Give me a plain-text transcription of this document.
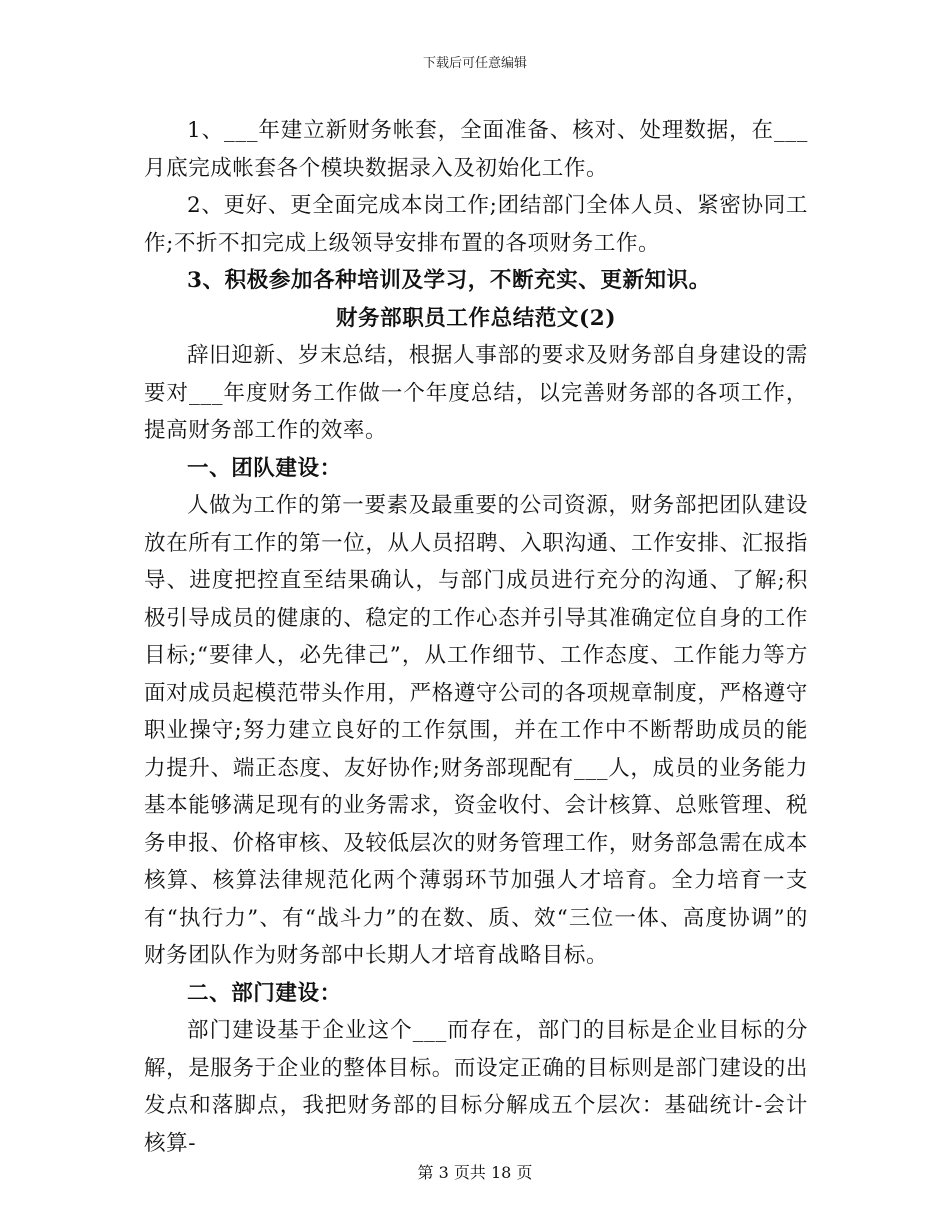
下载后可任意编辑

1、___年建立新财务帐套，全面准备、核对、处理数据，在___月底完成帐套各个模块数据录入及初始化工作。

2、更好、更全面完成本岗工作;团结部门全体人员、紧密协同工作;不折不扣完成上级领导安排布置的各项财务工作。

3、积极参加各种培训及学习，不断充实、更新知识。

财务部职员工作总结范文(2)

辞旧迎新、岁末总结，根据人事部的要求及财务部自身建设的需要对___年度财务工作做一个年度总结，以完善财务部的各项工作，提高财务部工作的效率。

一、团队建设：

人做为工作的第一要素及最重要的公司资源，财务部把团队建设放在所有工作的第一位，从人员招聘、入职沟通、工作安排、汇报指导、进度把控直至结果确认，与部门成员进行充分的沟通、了解;积极引导成员的健康的、稳定的工作心态并引导其准确定位自身的工作目标;“要律人，必先律己”，从工作细节、工作态度、工作能力等方面对成员起模范带头作用，严格遵守公司的各项规章制度，严格遵守职业操守;努力建立良好的工作氛围，并在工作中不断帮助成员的能力提升、端正态度、友好协作;财务部现配有___人，成员的业务能力基本能够满足现有的业务需求，资金收付、会计核算、总账管理、税务申报、价格审核、及较低层次的财务管理工作，财务部急需在成本核算、核算法律规范化两个薄弱环节加强人才培育。全力培育一支有“执行力”、有“战斗力”的在数、质、效“三位一体、高度协调”的财务团队作为财务部中长期人才培育战略目标。

二、部门建设：

部门建设基于企业这个___而存在，部门的目标是企业目标的分解，是服务于企业的整体目标。而设定正确的目标则是部门建设的出发点和落脚点，我把财务部的目标分解成五个层次：基础统计-会计核算-

第 3 页共 18 页
